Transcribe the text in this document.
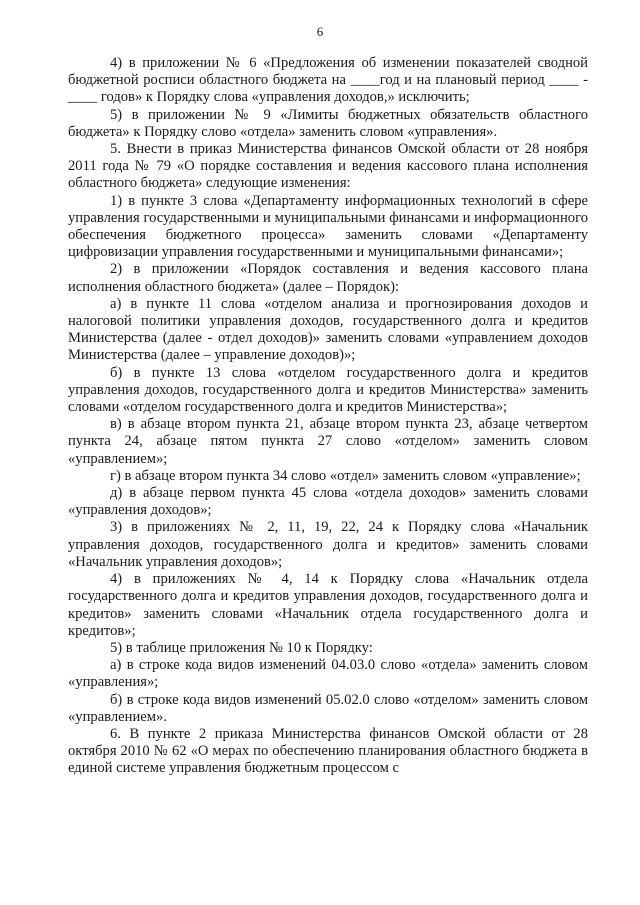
6

4) в приложении № 6 «Предложения об изменении показателей сводной бюджетной росписи областного бюджета на ____год и на плановый период ____ - ____ годов» к Порядку слова «управления доходов,» исключить;

5) в приложении № 9 «Лимиты бюджетных обязательств областного бюджета» к Порядку слово «отдела» заменить словом «управления».

5. Внести в приказ Министерства финансов Омской области от 28 ноября 2011 года № 79 «О порядке составления и ведения кассового плана исполнения областного бюджета» следующие изменения:

1) в пункте 3 слова «Департаменту информационных технологий в сфере управления государственными и муниципальными финансами и информационного обеспечения бюджетного процесса» заменить словами «Департаменту цифровизации управления государственными и муниципальными финансами»;

2) в приложении «Порядок составления и ведения кассового плана исполнения областного бюджета» (далее – Порядок):

а) в пункте 11 слова «отделом анализа и прогнозирования доходов и налоговой политики управления доходов, государственного долга и кредитов Министерства (далее - отдел доходов)» заменить словами «управлением доходов Министерства (далее – управление доходов)»;

б) в пункте 13 слова «отделом государственного долга и кредитов управления доходов, государственного долга и кредитов Министерства» заменить словами «отделом государственного долга и кредитов Министерства»;

в) в абзаце втором пункта 21, абзаце втором пункта 23, абзаце четвертом пункта 24, абзаце пятом пункта 27 слово «отделом» заменить словом «управлением»;

г) в абзаце втором пункта 34 слово «отдел» заменить словом «управление»;

д) в абзаце первом пункта 45 слова «отдела доходов» заменить словами «управления доходов»;

3) в приложениях № 2, 11, 19, 22, 24 к Порядку слова «Начальник управления доходов, государственного долга и кредитов» заменить словами «Начальник управления доходов»;

4) в приложениях № 4, 14 к Порядку слова «Начальник отдела государственного долга и кредитов управления доходов, государственного долга и кредитов» заменить словами «Начальник отдела государственного долга и кредитов»;

5) в таблице приложения № 10 к Порядку:

а) в строке кода видов изменений 04.03.0 слово «отдела» заменить словом «управления»;

б) в строке кода видов изменений 05.02.0 слово «отделом» заменить словом «управлением».

6. В пункте 2 приказа Министерства финансов Омской области от 28 октября 2010 № 62 «О мерах по обеспечению планирования областного бюджета в единой системе управления бюджетным процессом с
